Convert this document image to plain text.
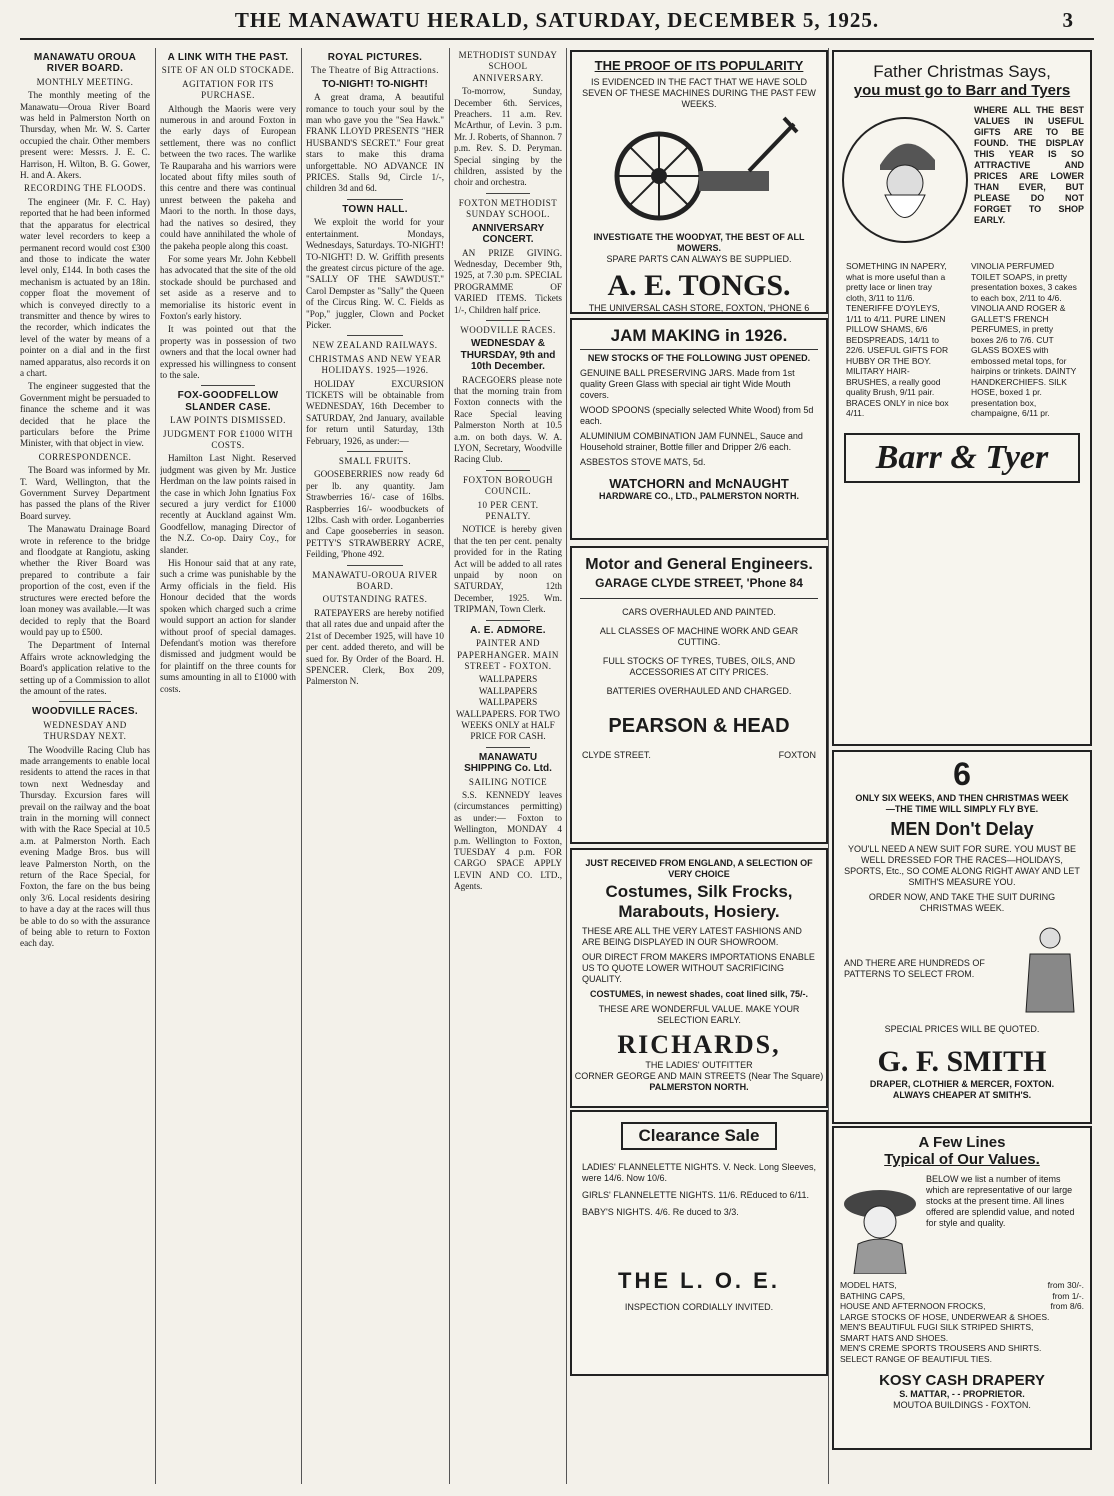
THE MANAWATU HERALD, SATURDAY, DECEMBER 5, 1925.	3
MANAWATU OROUA RIVER BOARD.
MONTHLY MEETING.

The monthly meeting of the Manawatu—Oroua River Board was held in Palmerston North on Thursday, when Mr. W. S. Carter occupied the chair. Other members present were: Messrs. J. E. C. Harrison, H. Wilton, B. G. Gower, H. and A. Akers.

RECORDING THE FLOODS.

The engineer (Mr. F. C. Hay) reported that he had been informed that the apparatus for electrical water level recorders to keep a permanent record would cost £300 and those to indicate the water level only, £144. In both cases the mechanism is actuated by an 18in. copper float the movement of which is conveyed directly to a transmitter and thence by wires to the recorder, which indicates the level of the water by means of a pointer on a dial and in the first named apparatus, also records it on a chart.

The engineer suggested that the Government might be persuaded to finance the scheme and it was decided that he place the particulars before the Prime Minister, with that object in view.

CORRESPONDENCE.

The Board was informed by Mr. T. Ward, Wellington, that the Government Survey Department has passed the plans of the River Board survey.

The Manawatu Drainage Board wrote in reference to the bridge and floodgate at Rangiotu, asking whether the River Board was prepared to contribute a fair proportion of the cost, even if the structures were erected before the loan money was available.—It was decided to reply that the Board would pay up to £500.

The Department of Internal Affairs wrote acknowledging the Board's application relative to the setting up of a Commission to allot the amount of the rates.

WOODVILLE RACES.
WEDNESDAY AND THURSDAY NEXT.

The Woodville Racing Club has made arrangements to enable local residents to attend the races in that town next Wednesday and Thursday. Excursion fares will prevail on the railway and the boat train in the morning will connect with with the Race Special at 10.5 a.m. at Palmerston North. Each evening Madge Bros. bus will leave Palmerston North, on the return of the Race Special, for Foxton, the fare on the bus being only 3/6. Local residents desiring to have a day at the races will thus be able to do so with the assurance of being able to return to Foxton each day.

A LINK WITH THE PAST.
SITE OF AN OLD STOCKADE.
AGITATION FOR ITS PURCHASE.

Although the Maoris were very numerous in and around Foxton in the early days of European settlement, there was no conflict between the two races. The warlike Te Rauparaha and his warriors were located about fifty miles south of this centre and there was continual unrest between the pakeha and Maori to the north. In those days, had the natives so desired, they could have annihilated the whole of the pakeha people along this coast.

For some years Mr. John Kebbell has advocated that the site of the old stockade should be purchased and set aside as a reserve and to memorialise its historic event in Foxton's early history.

It was pointed out that the property was in possession of two owners and that the local owner had expressed his willingness to consent to the sale.

FOX-GOODFELLOW SLANDER CASE.
LAW POINTS DISMISSED.
JUDGMENT FOR £1000 WITH COSTS.

Hamilton Last Night. Reserved judgment was given by Mr. Justice Herdman on the law points raised in the case in which John Ignatius Fox secured a jury verdict for £1000 recently at Auckland against Wm. Goodfellow, managing Director of the N.Z. Co-op. Dairy Coy., for slander.

His Honour said that at any rate, such a crime was punishable by the Army officials in the field. His Honour decided that the words spoken which charged such a crime would support an action for slander without proof of special damages. Defendant's motion was therefore dismissed and judgment would be for plaintiff on the three counts for sums amounting in all to £1000 with costs.

ROYAL PICTURES.
The Theatre of Big Attractions.
TO-NIGHT! TO-NIGHT!

A great drama, A beautiful romance to touch your soul by the man who gave you the "Sea Hawk." FRANK LLOYD PRESENTS "HER HUSBAND'S SECRET." Four great stars to make this drama unforgettable. NO ADVANCE IN PRICES. Stalls 9d, Circle 1/-, children 3d and 6d.

TOWN HALL.

We exploit the world for your entertainment. Mondays, Wednesdays, Saturdays. TO-NIGHT! TO-NIGHT! D. W. Griffith presents the greatest circus picture of the age. "SALLY OF THE SAWDUST." Carol Dempster as "Sally" the Queen of the Circus Ring. W. C. Fields as "Pop," juggler, Clown and Pocket Picker.

NEW ZEALAND RAILWAYS.
CHRISTMAS AND NEW YEAR HOLIDAYS. 1925—1926.

HOLIDAY EXCURSION TICKETS will be obtainable from WEDNESDAY, 16th December to SATURDAY, 2nd January, available for return until Saturday, 13th February, 1926, as under:—

SMALL FRUITS.

GOOSEBERRIES now ready 6d per lb. any quantity. Jam Strawberries 16/- case of 16lbs. Raspberries 16/- woodbuckets of 12lbs. Cash with order. Loganberries and Cape gooseberries in season. PETTY'S STRAWBERRY ACRE, Feilding, 'Phone 492.

MANAWATU-OROUA RIVER BOARD.
OUTSTANDING RATES.

RATEPAYERS are hereby notified that all rates due and unpaid after the 21st of December 1925, will have 10 per cent. added thereto, and will be sued for. By Order of the Board. H. SPENCER. Clerk, Box 209, Palmerston N.

METHODIST SUNDAY SCHOOL ANNIVERSARY.

To-morrow, Sunday, December 6th. Services, Preachers. 11 a.m. Rev. McArthur, of Levin. 3 p.m. Mr. J. Roberts, of Shannon. 7 p.m. Rev. S. D. Peryman. Special singing by the children, assisted by the choir and orchestra.

FOXTON METHODIST SUNDAY SCHOOL.
ANNIVERSARY CONCERT.

AN PRIZE GIVING. Wednesday, December 9th, 1925, at 7.30 p.m. SPECIAL PROGRAMME OF VARIED ITEMS. Tickets 1/-, Children half price.

WOODVILLE RACES.
WEDNESDAY & THURSDAY, 9th and 10th December.

RACEGOERS please note that the morning train from Foxton connects with the Race Special leaving Palmerston North at 10.5 a.m. on both days. W. A. LYON, Secretary, Woodville Racing Club.

FOXTON BOROUGH COUNCIL.
10 PER CENT. PENALTY.

NOTICE is hereby given that the ten per cent. penalty provided for in the Rating Act will be added to all rates unpaid by noon on SATURDAY, 12th December, 1925. Wm. TRIPMAN, Town Clerk.

A. E. ADMORE.
PAINTER AND PAPERHANGER. MAIN STREET - FOXTON.

WALLPAPERS WALLPAPERS WALLPAPERS WALLPAPERS. FOR TWO WEEKS ONLY at HALF PRICE FOR CASH.

MANAWATU SHIPPING Co. Ltd.
SAILING NOTICE

S.S. KENNEDY leaves (circumstances permitting) as under:— Foxton to Wellington, MONDAY 4 p.m. Wellington to Foxton, TUESDAY 4 p.m. FOR CARGO SPACE APPLY LEVIN AND CO. LTD., Agents.

THE PROOF OF ITS POPULARITY
IS EVIDENCED IN THE FACT THAT WE HAVE SOLD SEVEN OF THESE MACHINES DURING THE PAST FEW WEEKS.
INVESTIGATE THE WOODYAT, THE BEST OF ALL MOWERS.
SPARE PARTS CAN ALWAYS BE SUPPLIED.
A. E. TONGS.
THE UNIVERSAL CASH STORE, FOXTON, 'PHONE 6
JAM MAKING in 1926.
NEW STOCKS OF THE FOLLOWING JUST OPENED.
GENUINE BALL PRESERVING JARS. Made from 1st quality Green Glass with special air tight Wide Mouth covers.
WOOD SPOONS (specially selected White Wood) from 5d each.
ALUMINIUM COMBINATION JAM FUNNEL, Sauce and Household strainer, Bottle filler and Dripper 2/6 each.
ASBESTOS STOVE MATS, 5d.
WATCHORN and McNAUGHT
HARDWARE CO., LTD., PALMERSTON NORTH.
Motor and General Engineers.
GARAGE CLYDE STREET, 'Phone 84
CARS OVERHAULED AND PAINTED.
ALL CLASSES OF MACHINE WORK AND GEAR CUTTING.
FULL STOCKS OF TYRES, TUBES, OILS, AND ACCESSORIES AT CITY PRICES.
BATTERIES OVERHAULED AND CHARGED.
PEARSON & HEAD
CLYDE STREET.	FOXTON
JUST RECEIVED FROM ENGLAND, A SELECTION OF VERY CHOICE
Costumes, Silk Frocks,
Marabouts, Hosiery.
THESE ARE ALL THE VERY LATEST FASHIONS AND ARE BEING DISPLAYED IN OUR SHOWROOM.
OUR DIRECT FROM MAKERS IMPORTATIONS ENABLE US TO QUOTE LOWER WITHOUT SACRIFICING QUALITY.
COSTUMES, in newest shades, coat lined silk, 75/-.
THESE ARE WONDERFUL VALUE. MAKE YOUR SELECTION EARLY.
RICHARDS,
THE LADIES' OUTFITTER
CORNER GEORGE AND MAIN STREETS (Near The Square)
PALMERSTON NORTH.
Clearance Sale
LADIES' FLANNELETTE NIGHTS. V. Neck. Long Sleeves, were 14/6. Now 10/6.
GIRLS' FLANNELETTE NIGHTS. 11/6. REduced to 6/11.
BABY'S NIGHTS. 4/6. Re duced to 3/3.
THE L. O. E.
INSPECTION CORDIALLY INVITED.
Father Christmas Says,
you must go to Barr and Tyers
WHERE ALL THE BEST VALUES IN USEFUL GIFTS ARE TO BE FOUND. THE DISPLAY THIS YEAR IS SO ATTRACTIVE AND PRICES ARE LOWER THAN EVER, BUT PLEASE DO NOT FORGET TO SHOP EARLY.
SOMETHING IN NAPERY, what is more useful than a pretty lace or linen tray cloth, 3/11 to 11/6. TENERIFFE D'OYLEYS, 1/11 to 4/11. PURE LINEN PILLOW SHAMS, 6/6 BEDSPREADS, 14/11 to 22/6. USEFUL GIFTS FOR HUBBY OR THE BOY. MILITARY HAIR-BRUSHES, a really good quality Brush, 9/11 pair. BRACES ONLY in nice box 4/11.
VINOLIA PERFUMED TOILET SOAPS, in pretty presentation boxes, 3 cakes to each box, 2/11 to 4/6. VINOLIA AND ROGER & GALLET'S FRENCH PERFUMES, in pretty boxes 2/6 to 7/6. CUT GLASS BOXES with embossed metal tops, for hairpins or trinkets. DAINTY HANDKERCHIEFS. SILK HOSE, boxed 1 pr. presentation box, champaigne, 6/11 pr.
Barr & Tyer
6
ONLY SIX WEEKS, AND THEN CHRISTMAS WEEK
—THE TIME WILL SIMPLY FLY BYE.
MEN Don't Delay
YOU'LL NEED A NEW SUIT FOR SURE. YOU MUST BE WELL DRESSED FOR THE RACES—HOLIDAYS, SPORTS, Etc., SO COME ALONG RIGHT AWAY AND LET SMITH'S MEASURE YOU.
ORDER NOW, AND TAKE THE SUIT DURING CHRISTMAS WEEK.
AND THERE ARE HUNDREDS OF PATTERNS TO SELECT FROM.
SPECIAL PRICES WILL BE QUOTED.
G. F. SMITH
DRAPER, CLOTHIER & MERCER, FOXTON.
ALWAYS CHEAPER AT SMITH'S.
A Few Lines
Typical of Our Values.
BELOW we list a number of items which are representative of our large stocks at the present time. All lines offered are splendid value, and noted for style and quality.
MODEL HATS,	from 30/-.
BATHING CAPS,	from 1/-.
HOUSE AND AFTERNOON FROCKS,	from 8/6.
LARGE STOCKS OF HOSE, UNDERWEAR & SHOES.
MEN'S BEAUTIFUL FUGI SILK STRIPED SHIRTS,
SMART HATS AND SHOES.
MEN'S CREME SPORTS TROUSERS AND SHIRTS.
SELECT RANGE OF BEAUTIFUL TIES.
KOSY CASH DRAPERY
S. MATTAR, - - PROPRIETOR.
MOUTOA BUILDINGS - FOXTON.
